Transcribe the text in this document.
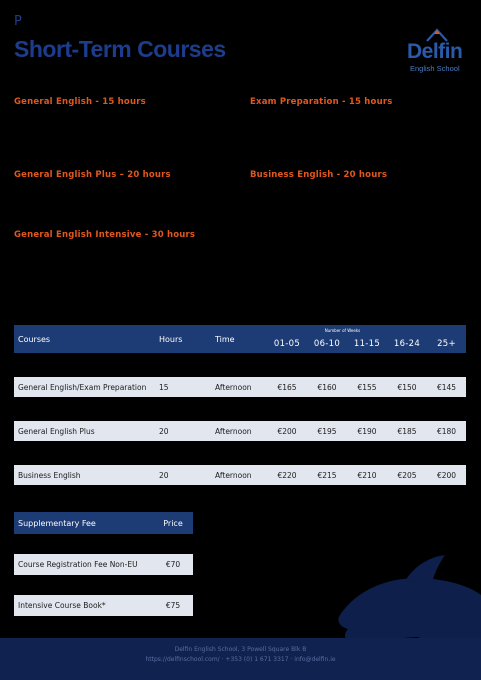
P
Short-Term Courses	Delfin
English School
General English - 15 hours	Exam Preparation - 15 hours
General English Plus – 20 hours	Business English - 20 hours
General English Intensive - 30 hours
Courses	Hours	Time	01-05	06-10	11-15	16-24	25+

General English/Exam Preparation	15	Afternoon	€165	€160	€155	€150	€145

General English Plus	20	Afternoon	€200	€195	€190	€185	€180

Business English	20	Afternoon	€220	€215	€210	€205	€200
Number of Weeks
Supplementary Fee	Price

Course Registration Fee Non-EU	€70

Intensive Course Book*	€75
Delfin English School, 3 Powell Square Blk B
https://delfinschool.com/ · +353 (0) 1 671 3317 · info@delfin.ie
